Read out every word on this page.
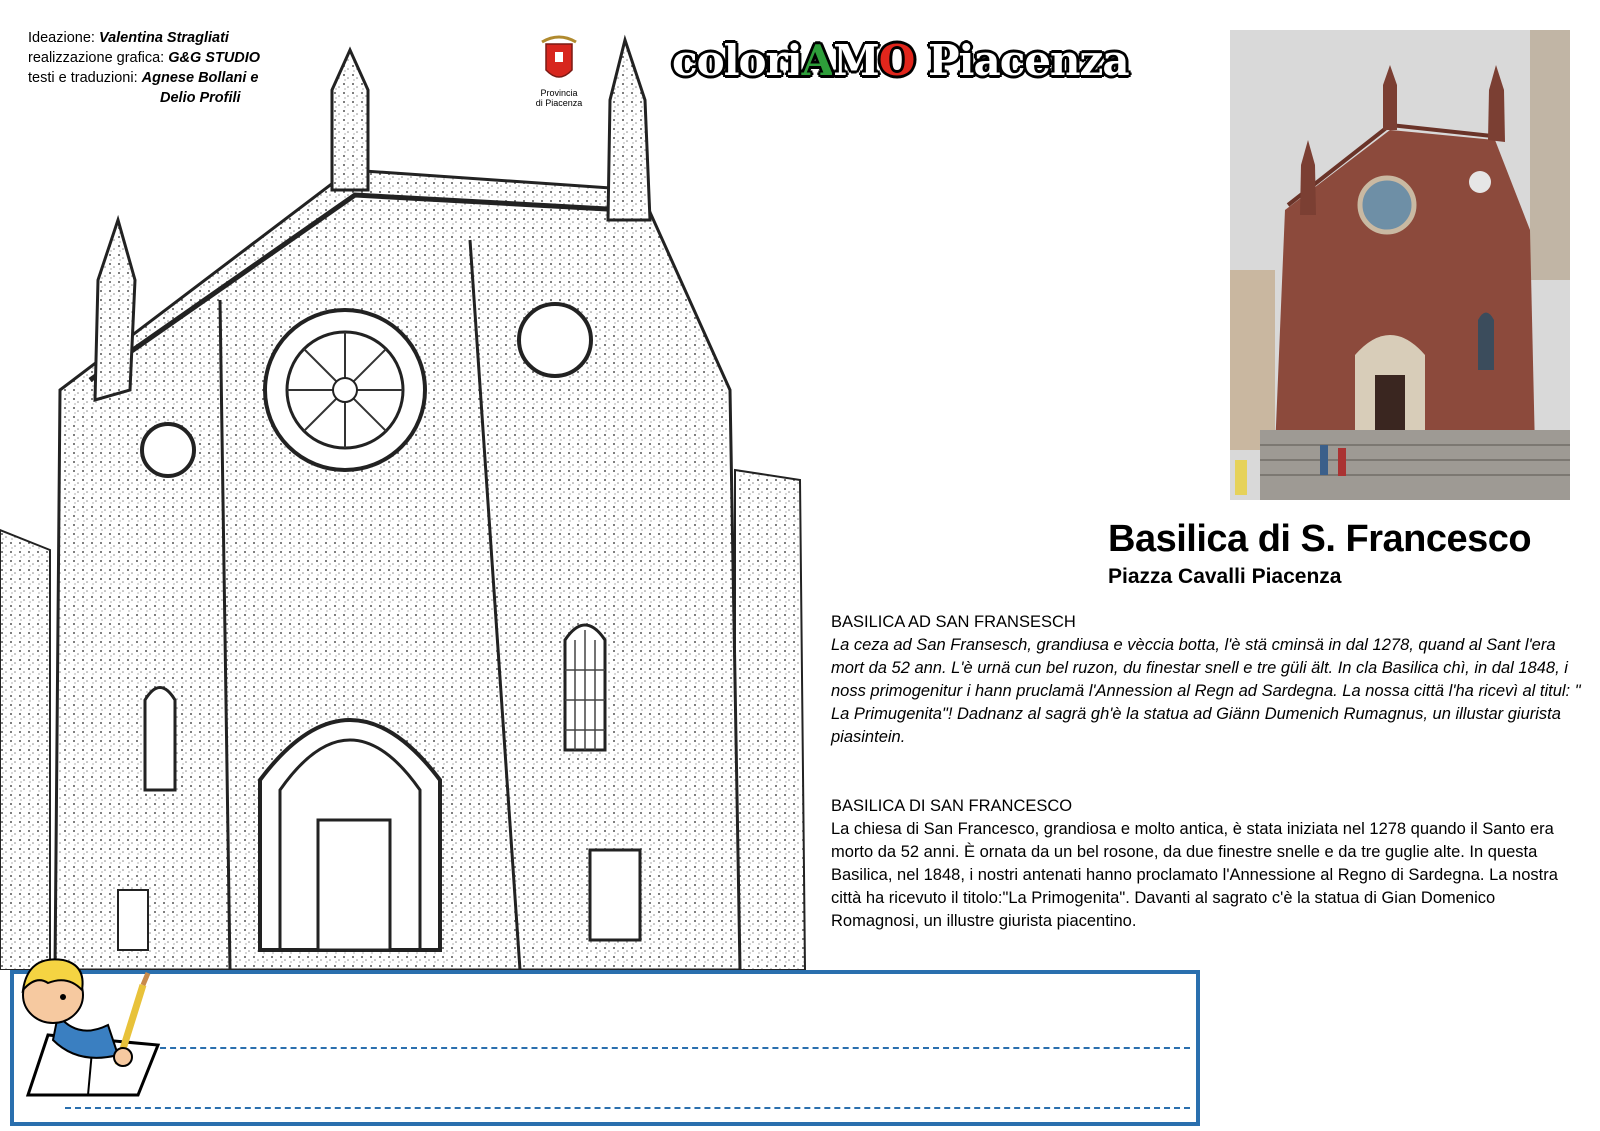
Ideazione: Valentina Stragliati
realizzazione grafica: G&G STUDIO
testi e traduzioni: Agnese Bollani e
Delio Profili	Provincia
di Piacenza
coloriAMO Piacenza
Basilica di S. Francesco
Piazza Cavalli Piacenza
BASILICA AD SAN FRANSESCH
La ceza ad San Fransesch, grandiusa e vèccia botta, l'è stä cminsä in dal 1278, quand al Sant l'era mort da 52 ann. L'è urnä cun bel ruzon, du finestar snell e tre güli ält. In cla Basilica chì, in dal 1848, i noss primogenitur i hann pruclamä l'Annession al Regn ad Sardegna. La nossa cittä l'ha ricevì al titul: " La Primugenita"! Dadnanz al sagrä gh'è la statua ad Giänn Dumenich Rumagnus, un illustar giurista piasintein.
BASILICA DI SAN FRANCESCO
La chiesa di San Francesco, grandiosa e molto antica, è stata iniziata nel 1278 quando il Santo era morto da 52 anni. È ornata da un bel rosone, da due finestre snelle e da tre guglie alte. In questa Basilica, nel 1848, i nostri antenati hanno proclamato l'Annessione al Regno di Sardegna. La nostra città ha ricevuto il titolo:"La Primogenita". Davanti al sagrato c'è la statua di Gian Domenico Romagnosi, un illustre giurista piacentino.
